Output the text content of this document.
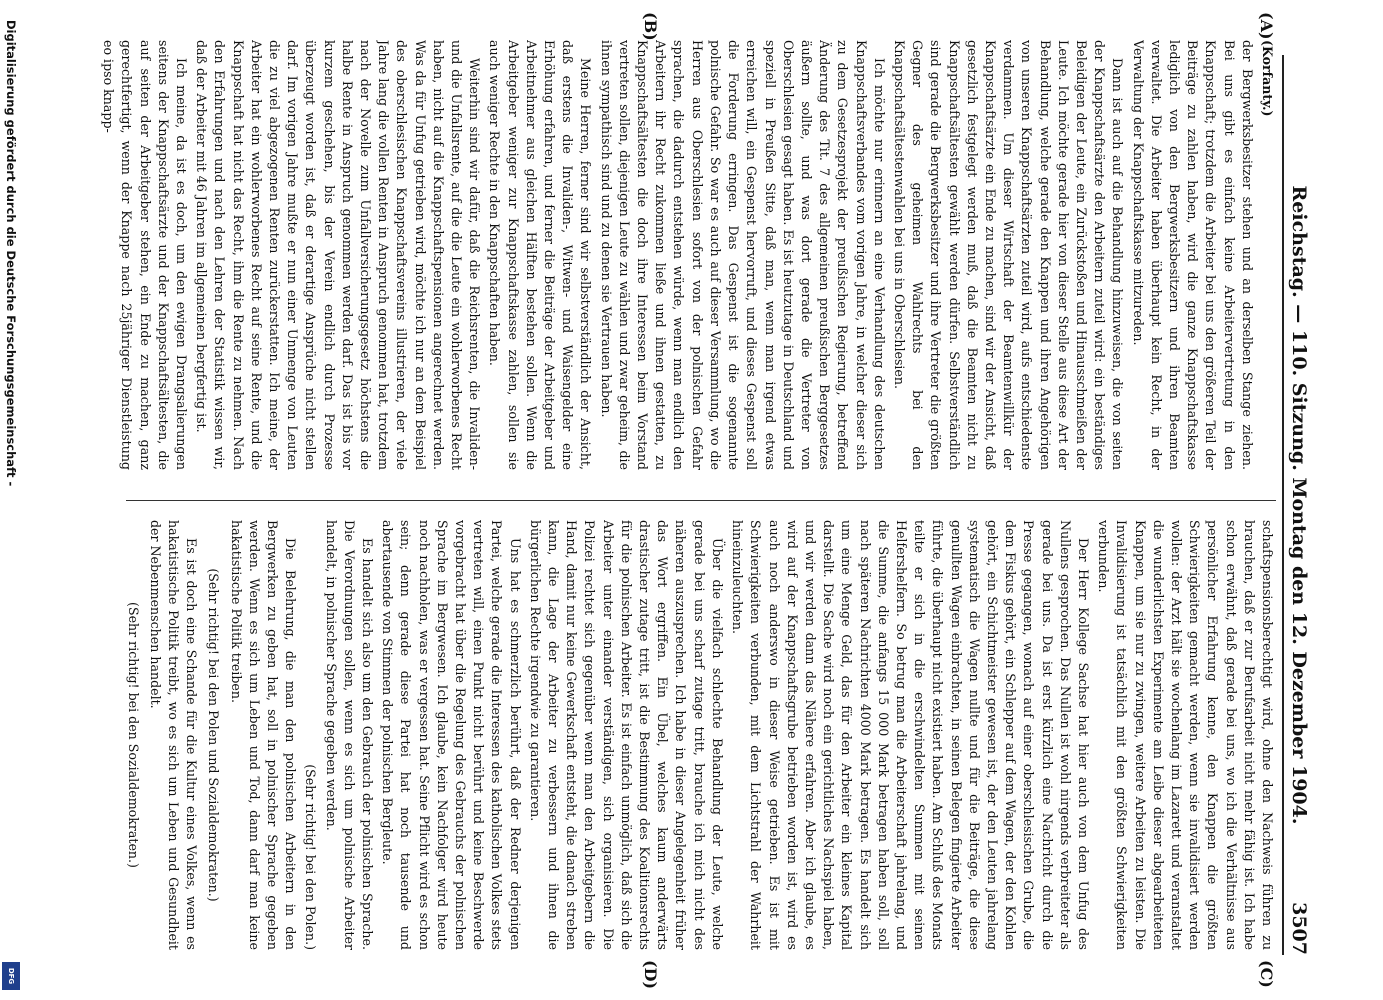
Reichstag. — 110. Sitzung. Montag den 12. Dezember 1904.
3507
(A)
(B)
(C)
(D)

(Korfanty.)

der Bergwerksbesitzer stehen und an derselben Stange ziehen. Bei uns gibt es einfach keine Arbeitervertretung in den Knappschaft; trotzdem die Arbeiter bei uns den größeren Teil der Beiträge zu zahlen haben, wird die ganze Knappschaftskasse lediglich von den Bergwerksbesitzern und ihren Beamten verwaltet. Die Arbeiter haben überhaupt kein Recht, in der Verwaltung der Knappschaftskasse mitzureden.

Dann ist auch auf die Behandlung hinzuweisen, die von seiten der Knappschaftsärzte den Arbeitern zuteil wird: ein beständiges Beleidigen der Leute, ein Zurückstoßen und Hinausschmeißen der Leute. Ich möchte gerade hier von dieser Stelle aus diese Art der Behandlung, welche gerade den Knappen und ihren Angehörigen von unseren Knappschaftsärzten zuteil wird, aufs entschiedenste verdammen. Um dieser Wirtschaft der Beamtenwillkür der Knappschaftsärzte ein Ende zu machen, sind wir der Ansicht, daß gesetzlich festgelegt werden muß, daß die Beamten nicht zu Knappschaftsältesten gewählt werden dürfen. Selbstverständlich sind gerade die Bergwerksbesitzer und ihre Vertreter die größten Gegner des geheimen Wahlrechts bei den Knappschaftsältestenwahlen bei uns in Oberschlesien.

Ich möchte nur erinnern an eine Verhandlung des deutschen Knappschaftsverbandes vom vorigen Jahre, in welcher dieser sich zu dem Gesetzesprojekt der preußischen Regierung, betreffend Änderung des Tit. 7 des allgemeinen preußischen Berggesetzes äußern sollte, und was dort gerade die Vertreter von Oberschlesien gesagt haben. Es ist heutzutage in Deutschland und speziell in Preußen Sitte, daß man, wenn man irgend etwas erreichen will, ein Gespenst hervorruft, und dieses Gespenst soll die Forderung erringen. Das Gespenst ist die sogenannte polnische Gefahr. So war es auch auf dieser Versammlung, wo die Herren aus Oberschlesien sofort von der polnischen Gefahr sprachen, die dadurch entstehen würde, wenn man endlich den Arbeitern ihr Recht zukommen ließe und ihnen gestatten, zu Knappschaftsältesten die doch ihre Interessen beim Vorstand vertreten sollen, diejenigen Leute zu wählen und zwar geheim, die ihnen sympathisch sind und zu denen sie Vertrauen haben.

Meine Herren, ferner sind wir selbstverständlich der Ansicht, daß erstens die Invaliden-, Witwen- und Waisengelder eine Erhöhung erfahren, und ferner die Beiträge der Arbeitgeber und Arbeitnehmer aus gleichen Hälften bestehen sollen. Wenn die Arbeitgeber weniger zur Knappschaftskasse zahlen, sollen sie auch weniger Rechte in den Knappschaften haben.

Weiterhin sind wir dafür, daß die Reichsrenten, die Invaliden- und die Unfallsrente, auf die die Leute ein wohlerworbenes Recht haben, nicht auf die Knappschaftspensionen angerechnet werden. Was da für Unfug getrieben wird, möchte ich nur an dem Beispiel des oberschlesischen Knappschaftsvereins illustrieren, der viele Jahre lang die vollen Renten in Anspruch genommen hat, trotzdem nach der Novelle zum Unfallversicherungsgesetz höchstens die halbe Rente in Anspruch genommen werden darf. Das ist bis vor kurzem geschehen, bis der Verein endlich durch Prozesse überzeugt worden ist, daß er derartige Ansprüche nicht stellen darf. Im vorigen Jahre mußte er nun einer Unmenge von Leuten die zu viel abgezogenen Renten zurückerstatten. Ich meine, der Arbeiter hat ein wohlerworbenes Recht auf seine Rente, und die Knappschaft hat nicht das Recht, ihm die Rente zu nehmen. Nach den Erfahrungen und nach den Lehren der Statistik wissen wir, daß der Arbeiter mit 46 Jahren im allgemeinen bergfertig ist.

Ich meine, da ist es doch, um den ewigen Drangsalierungen seitens der Knappschaftsärzte und der Knappschaftsältesten, die auf seiten der Arbeitgeber stehen, ein Ende zu machen, ganz gerechtfertigt, wenn der Knappe nach 25jähriger Dienstleistung eo ipso knapp-

schaftspensionsberechtigt wird, ohne den Nachweis führen zu brauchen, daß er zur Berufsarbeit nicht mehr fähig ist. Ich habe schon erwähnt, daß gerade bei uns, wo ich die Verhältnisse aus persönlicher Erfahrung kenne, den Knappen die größten Schwierigkeiten gemacht werden, wenn sie invalidisiert werden wollen: der Arzt hält sie wochenlang im Lazarett und veranstaltet die wunderlichsten Experimente am Leibe dieser abgearbeiteten Knappen, um sie nur zu zwingen, weitere Arbeiten zu leisten. Die Invalidisierung ist tatsächlich mit den größten Schwierigkeiten verbunden.

Der Herr Kollege Sachse hat hier auch von dem Unfug des Nullens gesprochen. Das Nullen ist wohl nirgends verbreiteter als gerade bei uns. Da ist erst kürzlich eine Nachricht durch die Presse gegangen, wonach auf einer oberschlesischen Grube, die dem Fiskus gehört, ein Schlepper auf dem Wagen, der den Kohlen gehört, ein Schichtmeister gewesen ist, der den Leuten jahrelang systematisch die Wagen nullte und für die Beiträge, die diese genullten Wagen einbrachten, in seinen Belegen fingierte Arbeiter führte, die überhaupt nicht existiert haben. Am Schluß des Monats teilte er sich in die erschwindelten Summen mit seinen Helfershelfern. So betrug man die Arbeiterschaft jahrelang, und die Summe, die anfangs 15 000 Mark betragen haben soll, soll nach späteren Nachrichten 4000 Mark betragen. Es handelt sich um eine Menge Geld, das für den Arbeiter ein kleines Kapital darstellt. Die Sache wird noch ein gerichtliches Nachspiel haben, und wir werden dann das Nähere erfahren. Aber ich glaube, es wird auf der Knappschaftsgrube betrieben worden ist, wird es auch noch anderswo in dieser Weise getrieben. Es ist mit Schwierigkeiten verbunden, mit dem Lichtstrahl der Wahrheit hineinzuleuchten.

Über die vielfach schlechte Behandlung der Leute, welche gerade bei uns scharf zutage tritt, brauche ich mich nicht des näheren auszusprechen. Ich habe in dieser Angelegenheit früher das Wort ergriffen. Ein Übel, welches kaum anderwärts drastischer zutage tritt, ist die Bestimmung des Koalitionsrechts für die polnischen Arbeiter. Es ist einfach unmöglich, daß sich die Arbeiter unter einander verständigen, sich organisieren. Die Polizei rechtet sich gegenüber wenn man den Arbeitgebern die Hand, damit nur keine Gewerkschaft entsteht, die danach streben kann, die Lage der Arbeiter zu verbessern und ihnen die bürgerlichen Rechte irgendwie zu garantieren.

Uns hat es schmerzlich berührt, daß der Redner derjenigen Partei, welche gerade die Interessen des katholischen Volkes stets vertreten will, einen Punkt nicht berührt und keine Beschwerde vorgebracht hat über die Regelung des Gebrauchs der polnischen Sprache im Bergwesen. Ich glaube, kein Nachfolger wird heute noch nachholen, was er vergessen hat. Seine Pflicht wird es schon sein; denn gerade diese Partei hat noch tausende und abertausende von Stimmen der polnischen Bergleute.

Es handelt sich also um den Gebrauch der polnischen Sprache. Die Verordnungen sollen, wenn es sich um polnische Arbeiter handelt, in polnischer Sprache gegeben werden.

(Sehr richtig! bei den Polen.)

Die Belehrung, die man den polnischen Arbeitern in den Bergwerken zu geben hat, soll in polnischer Sprache gegeben werden. Wenn es sich um Leben und Tod, dann darf man keine hakatistische Politik treiben.

(Sehr richtig! bei den Polen und Sozialdemokraten.)

Es ist doch eine Schande für die Kultur eines Volkes, wenn es hakatistische Politik treibt, wo es sich um Leben und Gesundheit der Nebenmenschen handelt.

(Sehr richtig! bei den Sozialdemokraten.)

Digitalisierung gefördert durch die Deutsche Forschungsgemeinschaft -
DFG
